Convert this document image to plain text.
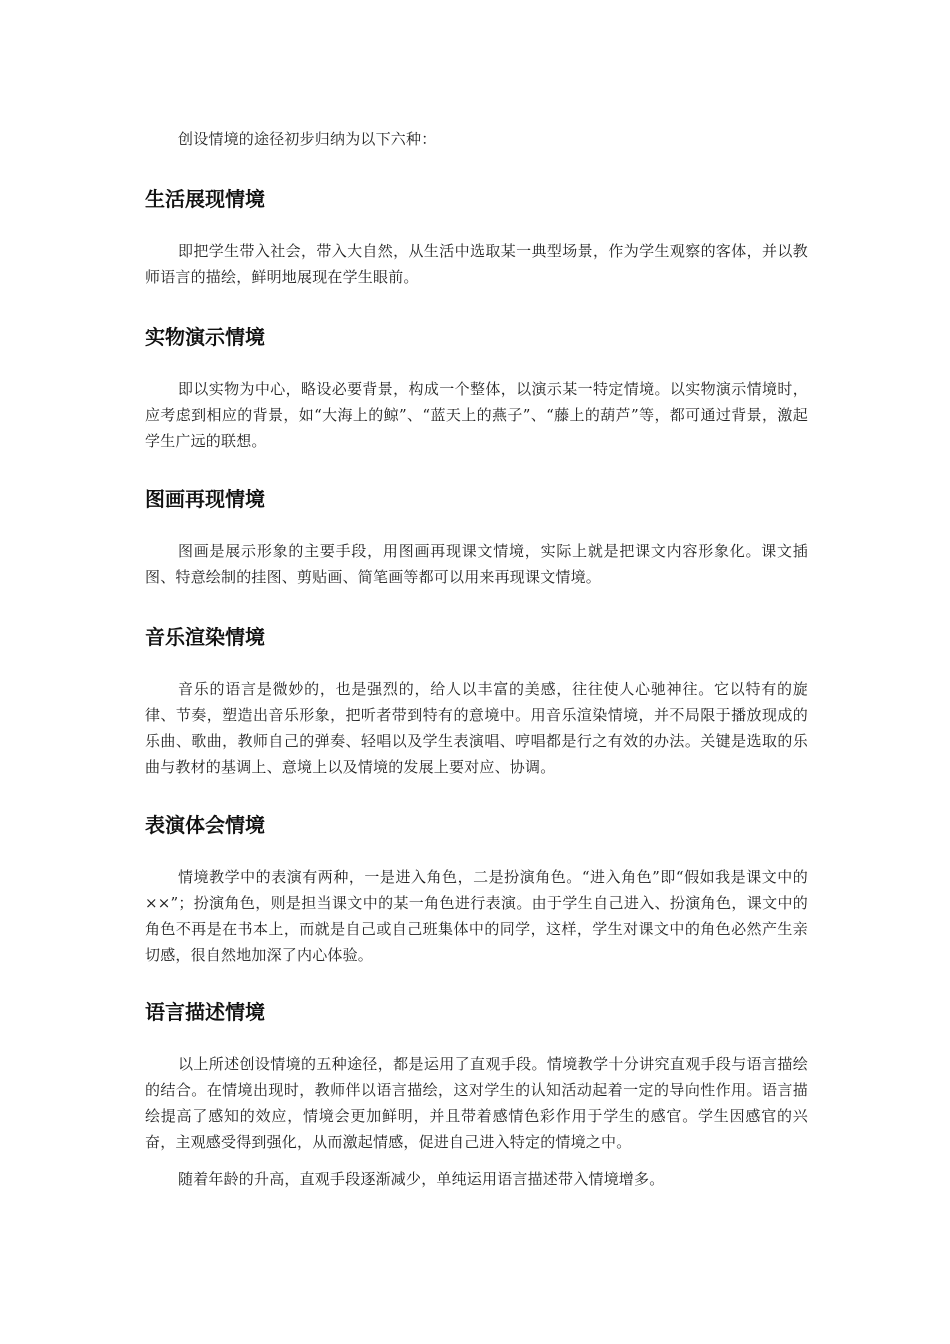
创设情境的途径初步归纳为以下六种：

生活展现情境

即把学生带入社会，带入大自然，从生活中选取某一典型场景，作为学生观察的客体，并以教师语言的描绘，鲜明地展现在学生眼前。

实物演示情境

即以实物为中心，略设必要背景，构成一个整体，以演示某一特定情境。以实物演示情境时，应考虑到相应的背景，如“大海上的鲸”、“蓝天上的燕子”、“藤上的葫芦”等，都可通过背景，激起学生广远的联想。

图画再现情境

图画是展示形象的主要手段，用图画再现课文情境，实际上就是把课文内容形象化。课文插图、特意绘制的挂图、剪贴画、简笔画等都可以用来再现课文情境。

音乐渲染情境

音乐的语言是微妙的，也是强烈的，给人以丰富的美感，往往使人心驰神往。它以特有的旋律、节奏，塑造出音乐形象，把听者带到特有的意境中。用音乐渲染情境，并不局限于播放现成的乐曲、歌曲，教师自己的弹奏、轻唱以及学生表演唱、哼唱都是行之有效的办法。关键是选取的乐曲与教材的基调上、意境上以及情境的发展上要对应、协调。

表演体会情境

情境教学中的表演有两种，一是进入角色，二是扮演角色。“进入角色”即“假如我是课文中的××”；扮演角色，则是担当课文中的某一角色进行表演。由于学生自己进入、扮演角色，课文中的角色不再是在书本上，而就是自己或自己班集体中的同学，这样，学生对课文中的角色必然产生亲切感，很自然地加深了内心体验。

语言描述情境

以上所述创设情境的五种途径，都是运用了直观手段。情境教学十分讲究直观手段与语言描绘的结合。在情境出现时，教师伴以语言描绘，这对学生的认知活动起着一定的导向性作用。语言描绘提高了感知的效应，情境会更加鲜明，并且带着感情色彩作用于学生的感官。学生因感官的兴奋，主观感受得到强化，从而激起情感，促进自己进入特定的情境之中。

随着年龄的升高，直观手段逐渐减少，单纯运用语言描述带入情境增多。
